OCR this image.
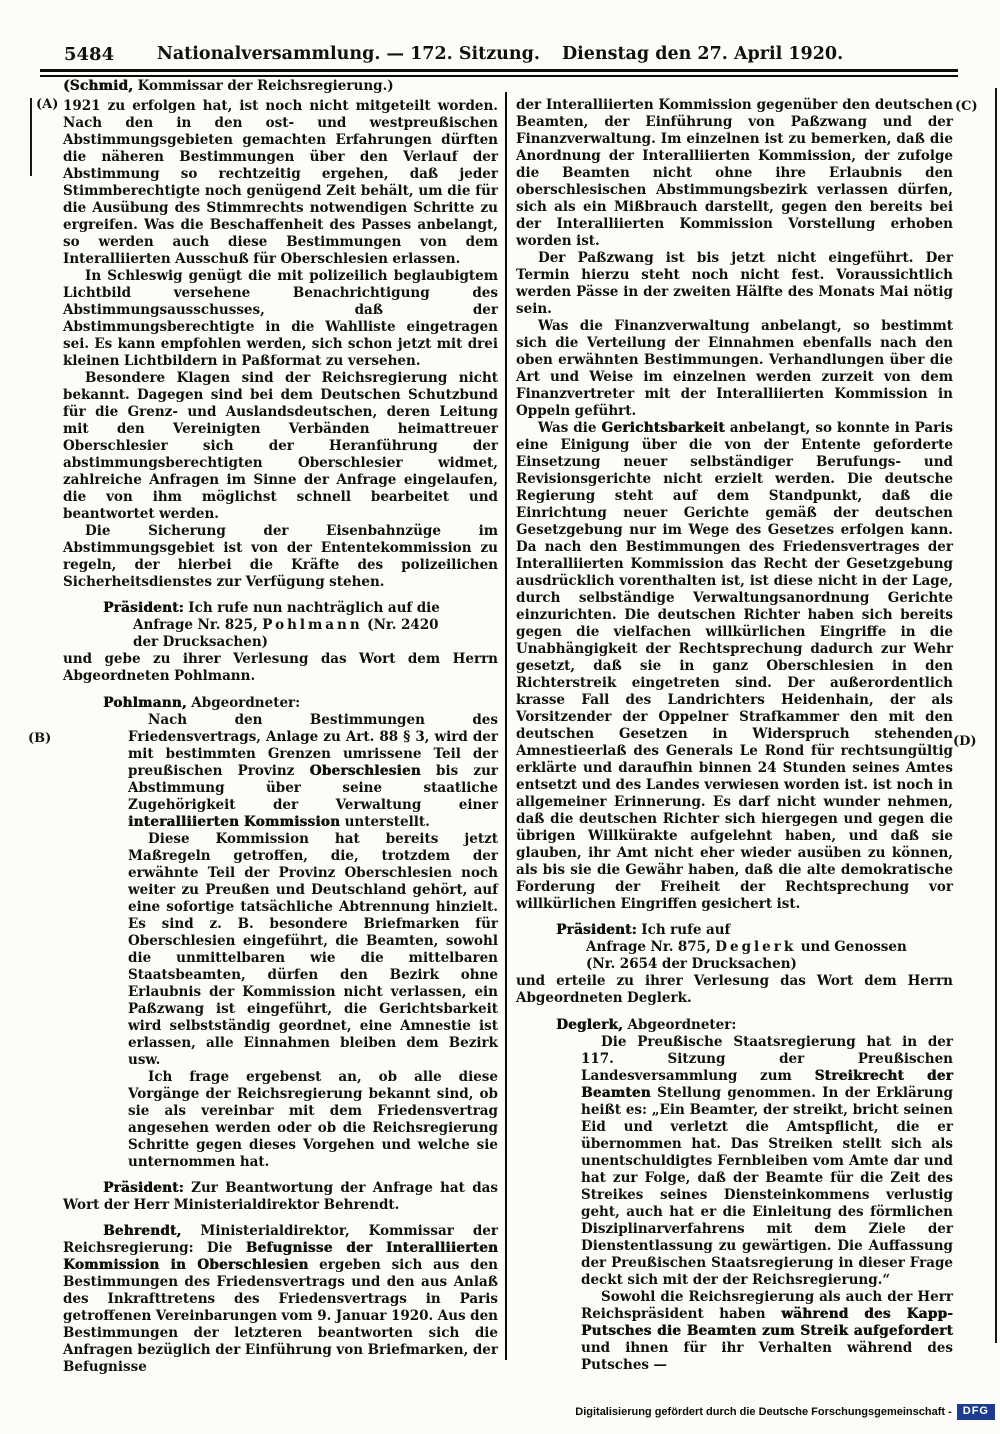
5484	Nationalversammlung. — 172. Sitzung. Dienstag den 27. April 1920.
(A)
(B)
(C)
(D)

(Schmid, Kommissar der Reichsregierung.)

1921 zu erfolgen hat, ist noch nicht mitgeteilt worden. Nach den in den ost- und westpreußischen Abstimmungsgebieten gemachten Erfahrungen dürften die näheren Bestimmungen über den Verlauf der Abstimmung so rechtzeitig ergehen, daß jeder Stimmberechtigte noch genügend Zeit behält, um die für die Ausübung des Stimmrechts notwendigen Schritte zu ergreifen. Was die Beschaffenheit des Passes anbelangt, so werden auch diese Bestimmungen von dem Interalliierten Ausschuß für Oberschlesien erlassen.

In Schleswig genügt die mit polizeilich beglaubigtem Lichtbild versehene Benachrichtigung des Abstimmungsausschusses, daß der Abstimmungsberechtigte in die Wahlliste eingetragen sei. Es kann empfohlen werden, sich schon jetzt mit drei kleinen Lichtbildern in Paßformat zu versehen.

Besondere Klagen sind der Reichsregierung nicht bekannt. Dagegen sind bei dem Deutschen Schutzbund für die Grenz- und Auslandsdeutschen, deren Leitung mit den Vereinigten Verbänden heimattreuer Oberschlesier sich der Heranführung der abstimmungsberechtigten Oberschlesier widmet, zahlreiche Anfragen im Sinne der Anfrage eingelaufen, die von ihm möglichst schnell bearbeitet und beantwortet werden.

Die Sicherung der Eisenbahnzüge im Abstimmungsgebiet ist von der Ententekommission zu regeln, der hierbei die Kräfte des polizeilichen Sicherheitsdienstes zur Verfügung stehen.

Präsident: Ich rufe nun nachträglich auf die

Anfrage Nr. 825, Pohlmann (Nr. 2420 der Drucksachen)

und gebe zu ihrer Verlesung das Wort dem Herrn Abgeordneten Pohlmann.

Pohlmann, Abgeordneter:

Nach den Bestimmungen des Friedensvertrags, Anlage zu Art. 88 § 3, wird der mit bestimmten Grenzen umrissene Teil der preußischen Provinz Oberschlesien bis zur Abstimmung über seine staatliche Zugehörigkeit der Verwaltung einer interalliierten Kommission unterstellt.

Diese Kommission hat bereits jetzt Maßregeln getroffen, die, trotzdem der erwähnte Teil der Provinz Oberschlesien noch weiter zu Preußen und Deutschland gehört, auf eine sofortige tatsächliche Abtrennung hinzielt. Es sind z. B. besondere Briefmarken für Oberschlesien eingeführt, die Beamten, sowohl die unmittelbaren wie die mittelbaren Staatsbeamten, dürfen den Bezirk ohne Erlaubnis der Kommission nicht verlassen, ein Paßzwang ist eingeführt, die Gerichtsbarkeit wird selbstständig geordnet, eine Amnestie ist erlassen, alle Einnahmen bleiben dem Bezirk usw.

Ich frage ergebenst an, ob alle diese Vorgänge der Reichsregierung bekannt sind, ob sie als vereinbar mit dem Friedensvertrag angesehen werden oder ob die Reichsregierung Schritte gegen dieses Vorgehen und welche sie unternommen hat.

Präsident: Zur Beantwortung der Anfrage hat das Wort der Herr Ministerialdirektor Behrendt.

Behrendt, Ministerialdirektor, Kommissar der Reichsregierung: Die Befugnisse der Interalliierten Kommission in Oberschlesien ergeben sich aus den Bestimmungen des Friedensvertrags und den aus Anlaß des Inkrafttretens des Friedensvertrags in Paris getroffenen Vereinbarungen vom 9. Januar 1920. Aus den Bestimmungen der letzteren beantworten sich die Anfragen bezüglich der Einführung von Briefmarken, der Befugnisse

der Interalliierten Kommission gegenüber den deutschen Beamten, der Einführung von Paßzwang und der Finanzverwaltung. Im einzelnen ist zu bemerken, daß die Anordnung der Interalliierten Kommission, der zufolge die Beamten nicht ohne ihre Erlaubnis den oberschlesischen Abstimmungsbezirk verlassen dürfen, sich als ein Mißbrauch darstellt, gegen den bereits bei der Interalliierten Kommission Vorstellung erhoben worden ist.

Der Paßzwang ist bis jetzt nicht eingeführt. Der Termin hierzu steht noch nicht fest. Voraussichtlich werden Pässe in der zweiten Hälfte des Monats Mai nötig sein.

Was die Finanzverwaltung anbelangt, so bestimmt sich die Verteilung der Einnahmen ebenfalls nach den oben erwähnten Bestimmungen. Verhandlungen über die Art und Weise im einzelnen werden zurzeit von dem Finanzvertreter mit der Interalliierten Kommission in Oppeln geführt.

Was die Gerichtsbarkeit anbelangt, so konnte in Paris eine Einigung über die von der Entente geforderte Einsetzung neuer selbständiger Berufungs- und Revisionsgerichte nicht erzielt werden. Die deutsche Regierung steht auf dem Standpunkt, daß die Einrichtung neuer Gerichte gemäß der deutschen Gesetzgebung nur im Wege des Gesetzes erfolgen kann. Da nach den Bestimmungen des Friedensvertrages der Interalliierten Kommission das Recht der Gesetzgebung ausdrücklich vorenthalten ist, ist diese nicht in der Lage, durch selbständige Verwaltungsanordnung Gerichte einzurichten. Die deutschen Richter haben sich bereits gegen die vielfachen willkürlichen Eingriffe in die Unabhängigkeit der Rechtsprechung dadurch zur Wehr gesetzt, daß sie in ganz Oberschlesien in den Richterstreik eingetreten sind. Der außerordentlich krasse Fall des Landrichters Heidenhain, der als Vorsitzender der Oppelner Strafkammer den mit den deutschen Gesetzen in Widerspruch stehenden Amnestieerlaß des Generals Le Rond für rechtsungültig erklärte und daraufhin binnen 24 Stunden seines Amtes entsetzt und des Landes verwiesen worden ist. ist noch in allgemeiner Erinnerung. Es darf nicht wunder nehmen, daß die deutschen Richter sich hiergegen und gegen die übrigen Willkürakte aufgelehnt haben, und daß sie glauben, ihr Amt nicht eher wieder ausüben zu können, als bis sie die Gewähr haben, daß die alte demokratische Forderung der Freiheit der Rechtsprechung vor willkürlichen Eingriffen gesichert ist.

Präsident: Ich rufe auf

Anfrage Nr. 875, Deglerk und Genossen (Nr. 2654 der Drucksachen)

und erteile zu ihrer Verlesung das Wort dem Herrn Abgeordneten Deglerk.

Deglerk, Abgeordneter:

Die Preußische Staatsregierung hat in der 117. Sitzung der Preußischen Landesversammlung zum Streikrecht der Beamten Stellung genommen. In der Erklärung heißt es: „Ein Beamter, der streikt, bricht seinen Eid und verletzt die Amtspflicht, die er übernommen hat. Das Streiken stellt sich als unentschuldigtes Fernbleiben vom Amte dar und hat zur Folge, daß der Beamte für die Zeit des Streikes seines Diensteinkommens verlustig geht, auch hat er die Einleitung des förmlichen Disziplinarverfahrens mit dem Ziele der Dienstentlassung zu gewärtigen. Die Auffassung der Preußischen Staatsregierung in dieser Frage deckt sich mit der der Reichsregierung.“

Sowohl die Reichsregierung als auch der Herr Reichspräsident haben während des Kapp-Putsches die Beamten zum Streik aufgefordert und ihnen für ihr Verhalten während des Putsches —

Digitalisierung gefördert durch die Deutsche Forschungsgemeinschaft -	DFG
